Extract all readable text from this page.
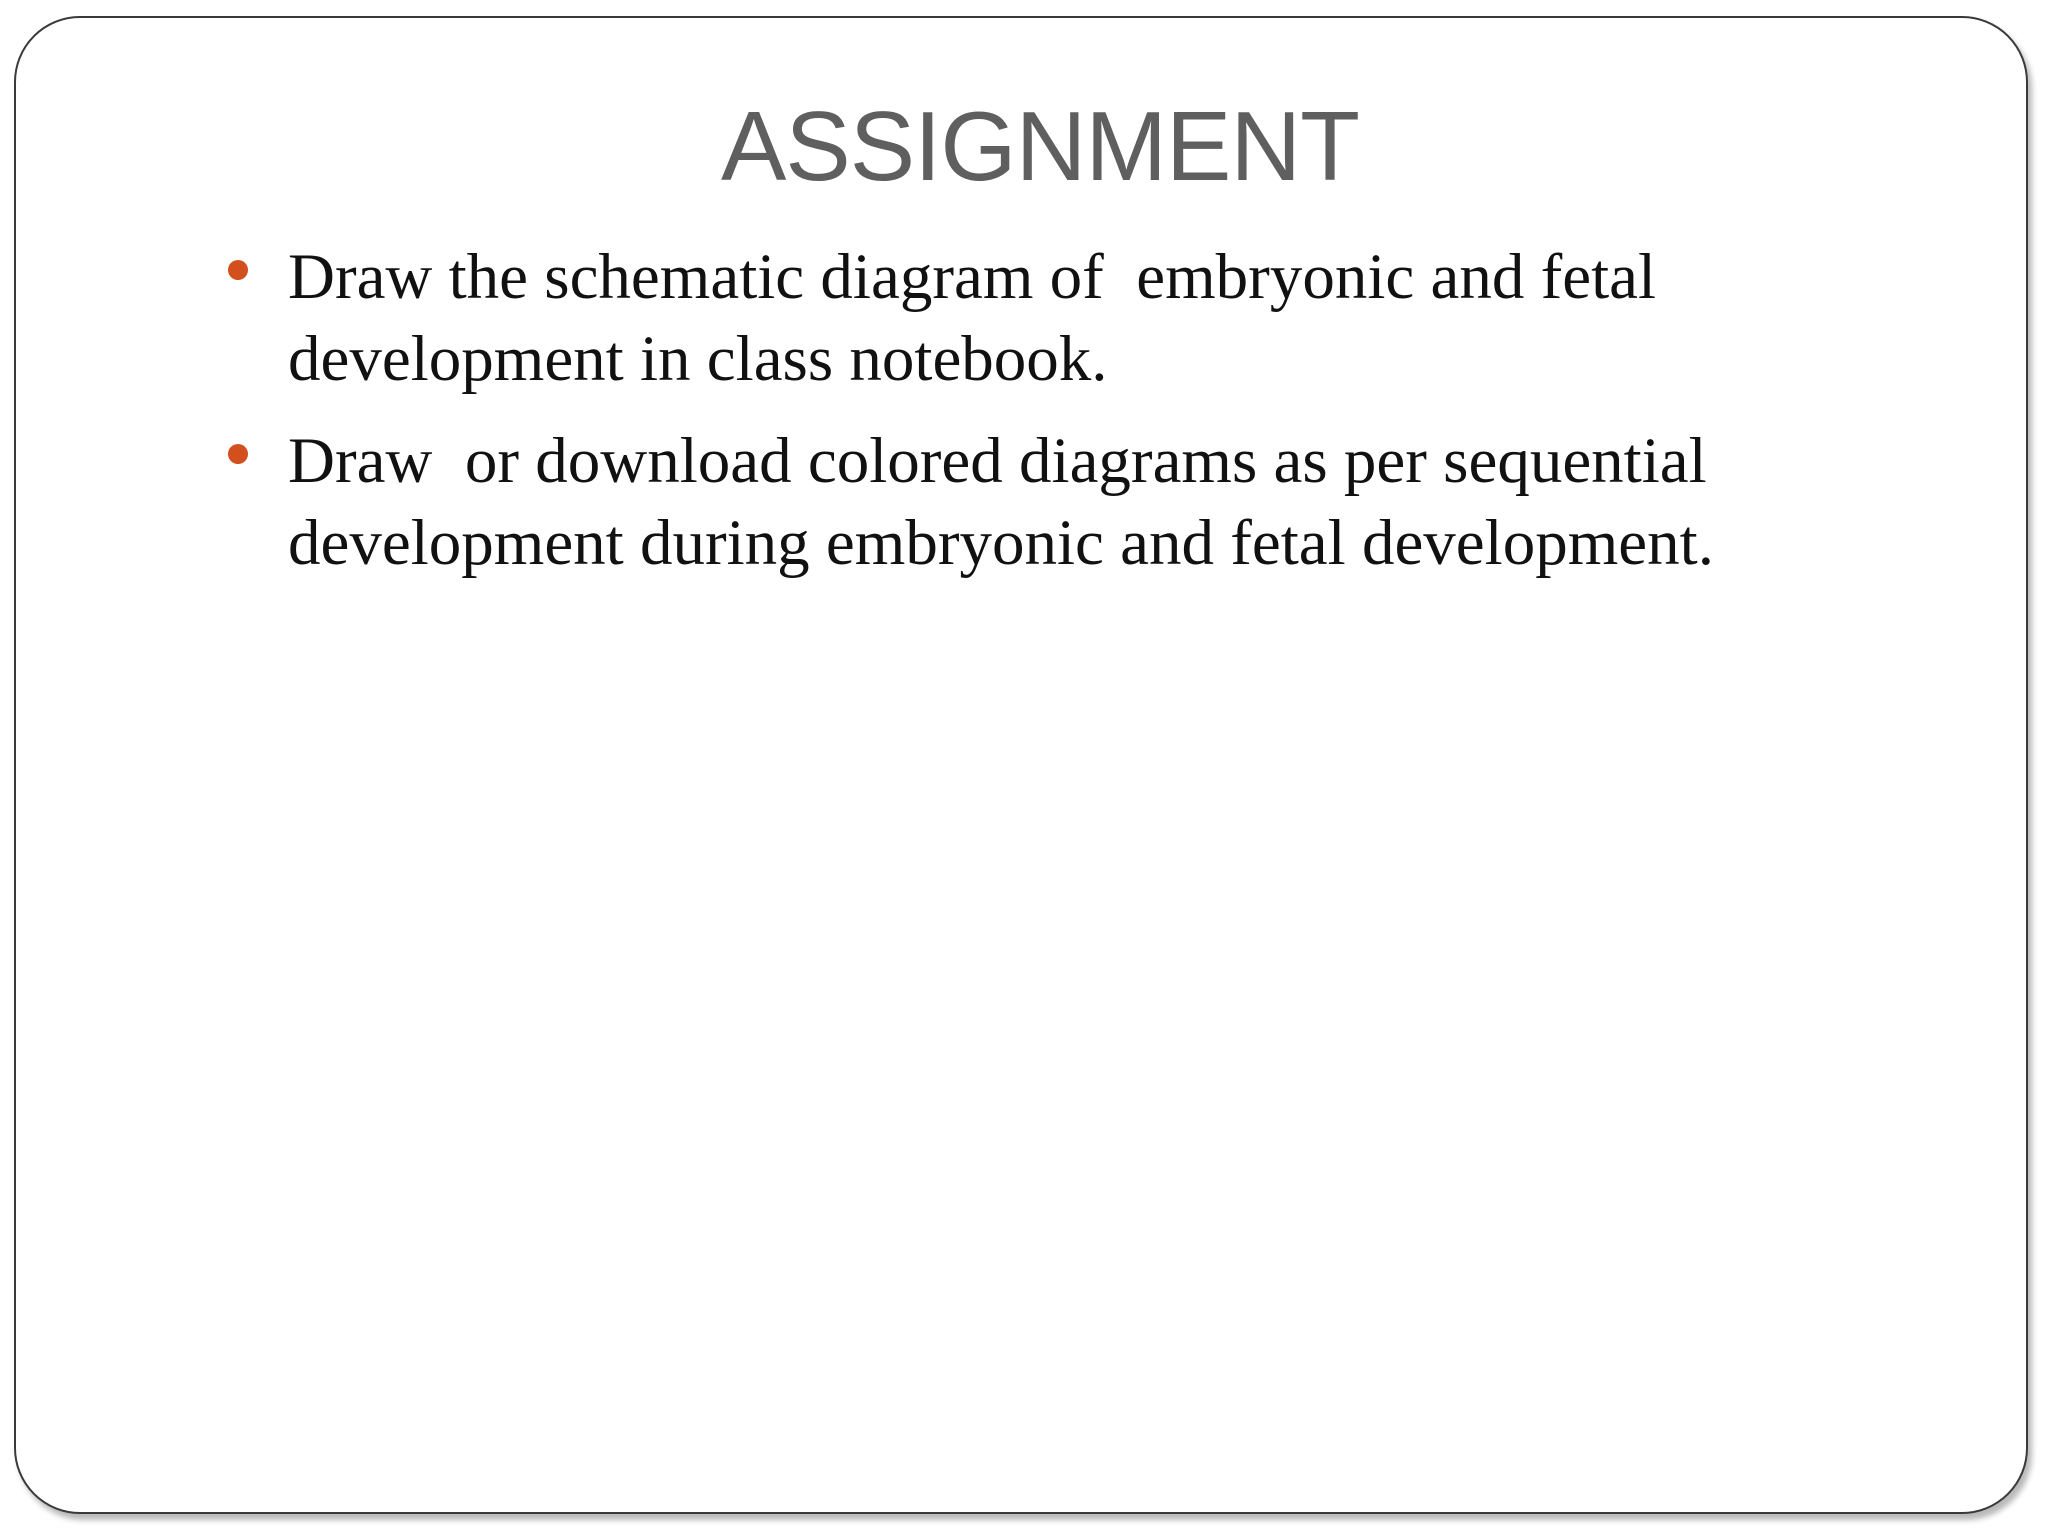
ASSIGNMENT
Draw the schematic diagram of  embryonic and fetal development in class notebook.
Draw  or download colored diagrams as per sequential development during embryonic and fetal development.
